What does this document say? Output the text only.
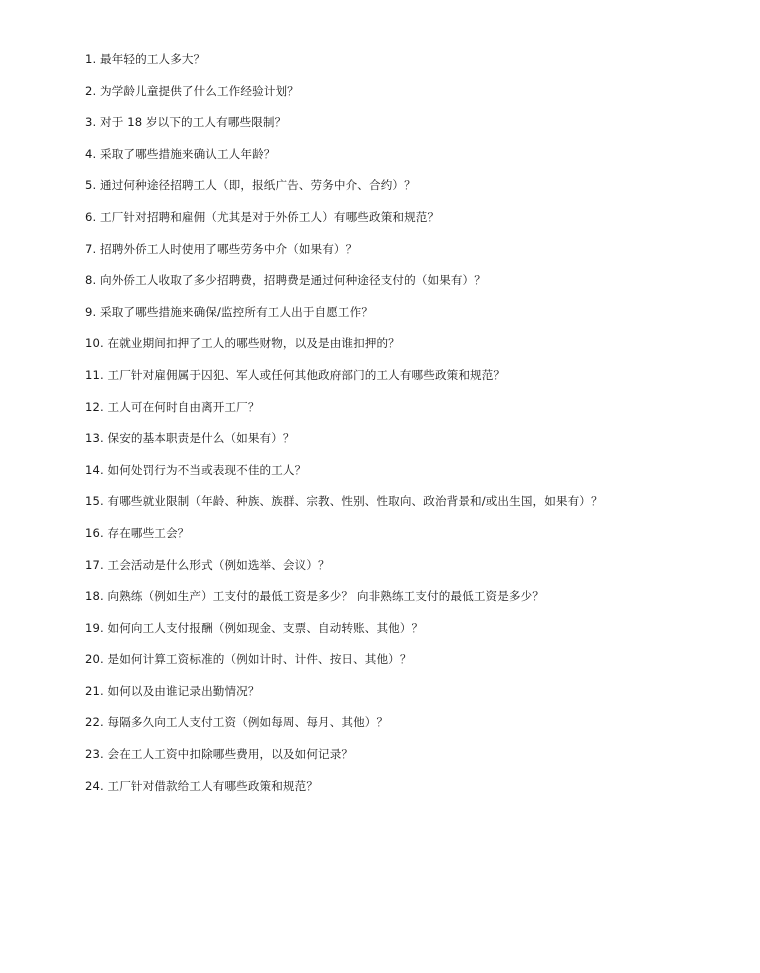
1. 最年轻的工人多大？
2. 为学龄儿童提供了什么工作经验计划？
3. 对于 18 岁以下的工人有哪些限制？
4. 采取了哪些措施来确认工人年龄？
5. 通过何种途径招聘工人（即，报纸广告、劳务中介、合约）？
6. 工厂针对招聘和雇佣（尤其是对于外侨工人）有哪些政策和规范？
7. 招聘外侨工人时使用了哪些劳务中介（如果有）？
8. 向外侨工人收取了多少招聘费，招聘费是通过何种途径支付的（如果有）？
9. 采取了哪些措施来确保/监控所有工人出于自愿工作？
10. 在就业期间扣押了工人的哪些财物，以及是由谁扣押的？
11. 工厂针对雇佣属于囚犯、军人或任何其他政府部门的工人有哪些政策和规范？
12. 工人可在何时自由离开工厂？
13. 保安的基本职责是什么（如果有）？
14. 如何处罚行为不当或表现不佳的工人？
15. 有哪些就业限制（年龄、种族、族群、宗教、性别、性取向、政治背景和/或出生国，如果有）？
16. 存在哪些工会？
17. 工会活动是什么形式（例如选举、会议）？
18. 向熟练（例如生产）工支付的最低工资是多少？ 向非熟练工支付的最低工资是多少？
19. 如何向工人支付报酬（例如现金、支票、自动转账、其他）？
20. 是如何计算工资标准的（例如计时、计件、按日、其他）？
21. 如何以及由谁记录出勤情况？
22. 每隔多久向工人支付工资（例如每周、每月、其他）？
23. 会在工人工资中扣除哪些费用，以及如何记录？
24. 工厂针对借款给工人有哪些政策和规范？
